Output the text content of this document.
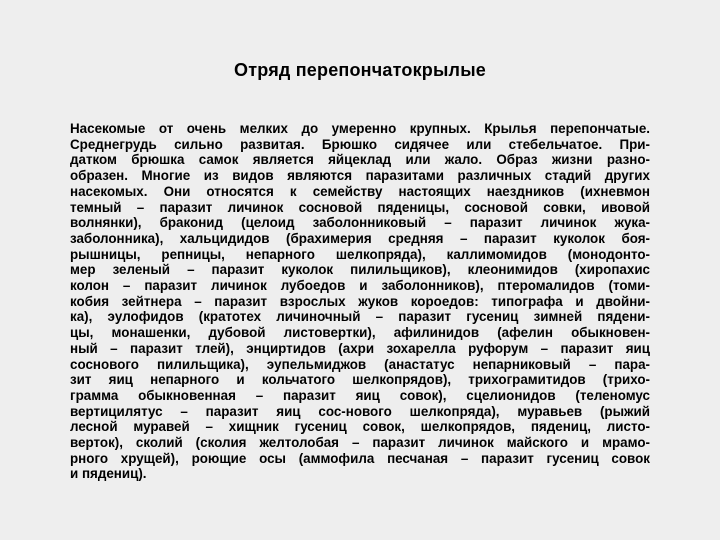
Отряд перепончатокрылые
Насекомые от очень мелких до умеренно крупных. Крылья перепончатые.
Среднегрудь сильно развитая. Брюшко сидячее или стебельчатое. При-
датком брюшка самок является яйцеклад или жало. Образ жизни разно-
образен. Многие из видов являются паразитами различных стадий других
насекомых. Они относятся к семейству настоящих наездников (ихневмон
темный – паразит личинок сосновой пяденицы, сосновой совки, ивовой
волнянки), браконид (целоид заболонниковый – паразит личинок жука-
заболонника), хальцидидов (брахимерия средняя – паразит куколок боя-
рышницы, репницы, непарного шелкопряда), каллимомидов (монодонто-
мер зеленый – паразит куколок пилильщиков), клеонимидов (хиропахис
колон – паразит личинок лубоедов и заболонников), птеромалидов (томи-
кобия зейтнера – паразит взрослых жуков короедов: типографа и двойни-
ка), эулофидов (кратотех личиночный – паразит гусениц зимней пядени-
цы, монашенки, дубовой листовертки), афилинидов (афелин обыкновен-
ный – паразит тлей), энциртидов (ахри зохарелла руфорум – паразит яиц
соснового пилильщика), эупельмиджов (анастатус непарниковый – пара-
зит яиц непарного и кольчатого шелкопрядов), трихограмитидов (трихо-
грамма обыкновенная – паразит яиц совок), сцелионидов (теленомус
вертицилятус – паразит яиц сос-нового шелкопряда), муравьев (рыжий
лесной муравей – хищник гусениц совок, шелкопрядов, пядениц, листо-
верток), сколий (сколия желтолобая – паразит личинок майского и мрамо-
рного хрущей), роющие осы (аммофила песчаная – паразит гусениц совок
и пядениц).
